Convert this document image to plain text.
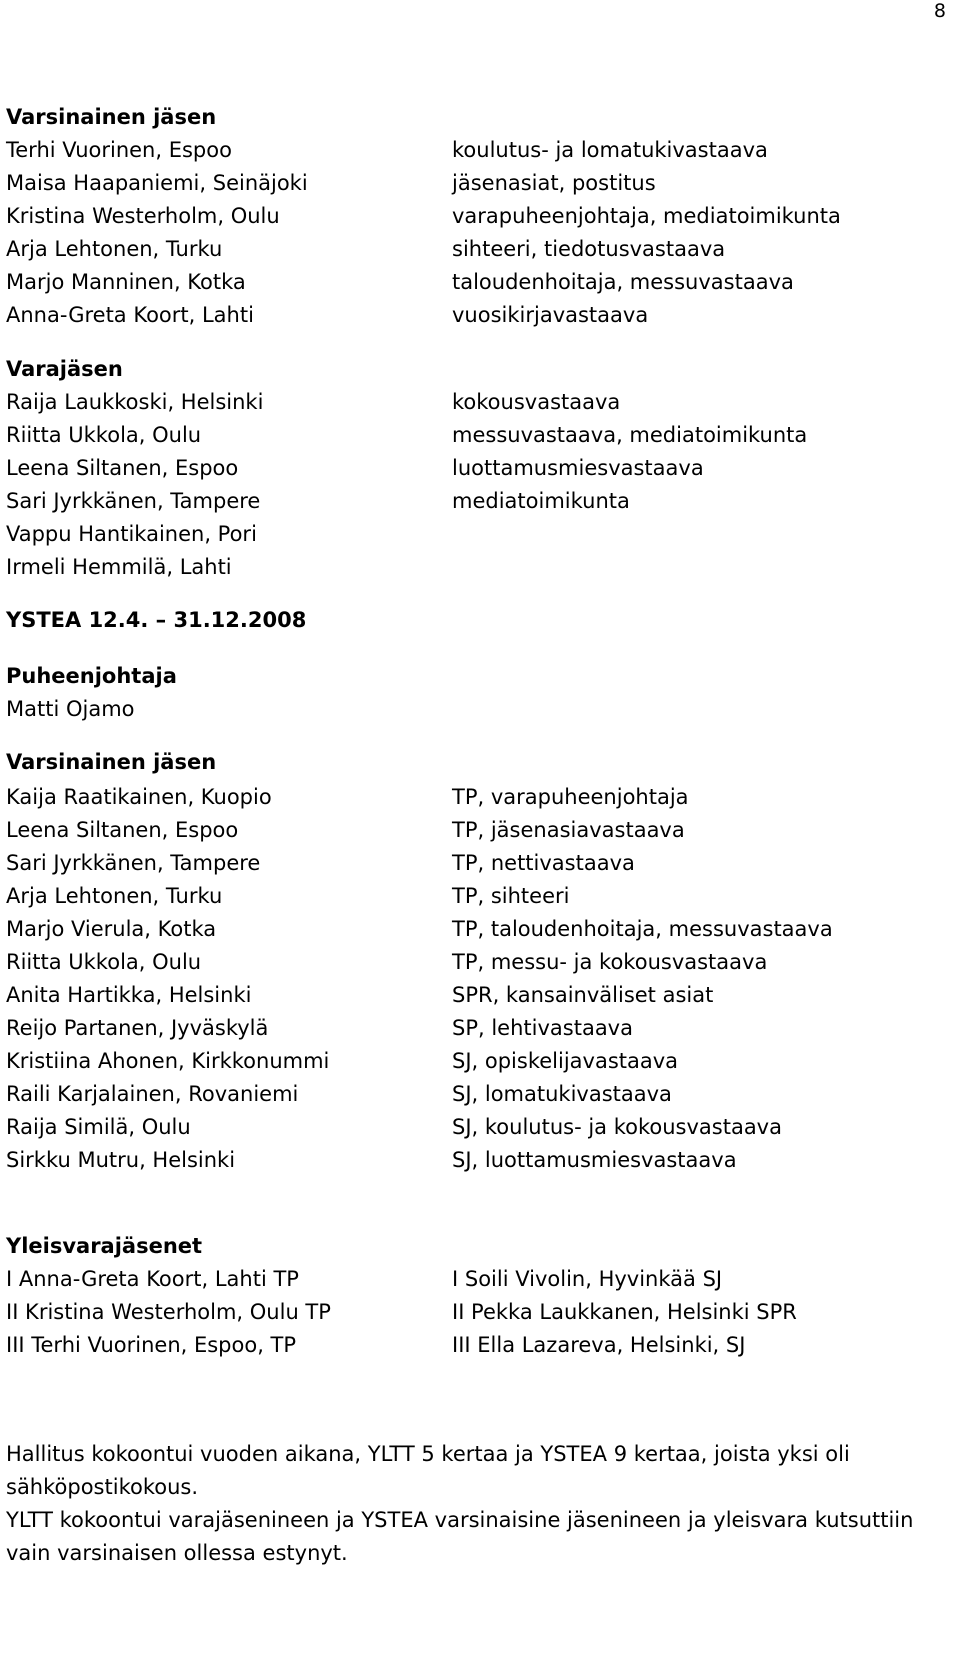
8
Varsinainen jäsen
Terhi Vuorinen, Espoo
Maisa Haapaniemi, Seinäjoki
Kristina Westerholm, Oulu
Arja Lehtonen, Turku
Marjo Manninen, Kotka
Anna-Greta Koort, Lahti
koulutus- ja lomatukivastaava
jäsenasiat, postitus
varapuheenjohtaja, mediatoimikunta
sihteeri, tiedotusvastaava
taloudenhoitaja, messuvastaava
vuosikirjavastaava
Varajäsen
Raija Laukkoski, Helsinki
Riitta Ukkola, Oulu
Leena Siltanen, Espoo
Sari Jyrkkänen, Tampere
Vappu Hantikainen, Pori
Irmeli Hemmilä, Lahti
kokousvastaava
messuvastaava, mediatoimikunta
luottamusmiesvastaava
mediatoimikunta
YSTEA 12.4. – 31.12.2008
Puheenjohtaja
Matti Ojamo
Varsinainen jäsen
Kaija Raatikainen, Kuopio
Leena Siltanen, Espoo
Sari Jyrkkänen, Tampere
Arja Lehtonen, Turku
Marjo Vierula, Kotka
Riitta Ukkola, Oulu
Anita Hartikka, Helsinki
Reijo Partanen, Jyväskylä
Kristiina Ahonen, Kirkkonummi
Raili Karjalainen, Rovaniemi
Raija Similä, Oulu
Sirkku Mutru, Helsinki
TP, varapuheenjohtaja
TP, jäsenasiavastaava
TP, nettivastaava
TP, sihteeri
TP, taloudenhoitaja, messuvastaava
TP, messu- ja kokousvastaava
SPR, kansainväliset asiat
SP, lehtivastaava
SJ, opiskelijavastaava
SJ, lomatukivastaava
SJ, koulutus- ja kokousvastaava
SJ, luottamusmiesvastaava
Yleisvarajäsenet
I Anna-Greta Koort, Lahti TP
II Kristina Westerholm, Oulu TP
III Terhi Vuorinen, Espoo, TP
I Soili Vivolin, Hyvinkää SJ
II Pekka Laukkanen, Helsinki SPR
III Ella Lazareva, Helsinki, SJ
Hallitus kokoontui vuoden aikana, YLTT 5 kertaa ja YSTEA 9 kertaa, joista yksi oli sähköpostikokous.
YLTT kokoontui varajäsenineen ja YSTEA varsinaisine jäsenineen ja yleisvara kutsuttiin vain varsinaisen ollessa estynyt.
